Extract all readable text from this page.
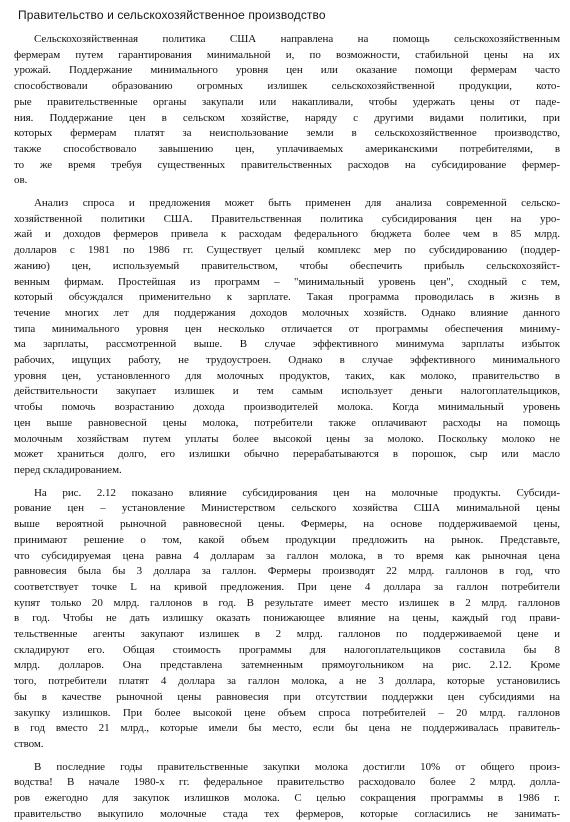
Правительство и сельскохозяйственное производство
Сельскохозяйственная политика США направлена на помощь сельскохозяйственным
фермерам путем гарантирования минимальной и, по возможности, стабильной цены на их
урожай. Поддержание минимального уровня цен или оказание помощи фермерам часто
способствовали образованию огромных излишек сельскохозяйственной продукции, кото-
рые правительственные органы закупали или накапливали, чтобы удержать цены от паде-
ния. Поддержание цен в сельском хозяйстве, наряду с другими видами политики, при
которых фермерам платят за неиспользование земли в сельскохозяйственное производство,
также способствовало завышению цен, уплачиваемых американскими потребителями, в
то же время требуя существенных правительственных расходов на субсидирование фермер-
ов.
Анализ спроса и предложения может быть применен для анализа современной сельско-
хозяйственной политики США. Правительственная политика субсидирования цен на уро-
жай и доходов фермеров привела к расходам федерального бюджета более чем в 85 млрд.
долларов с 1981 по 1986 гг. Существует целый комплекс мер по субсидированию (поддер-
жанию) цен, используемый правительством, чтобы обеспечить прибыль сельскохозяйст-
венным фирмам. Простейшая из программ – "минимальный уровень цен", сходный с тем,
который обсуждался применительно к зарплате. Такая программа проводилась в жизнь в
течение многих лет для поддержания доходов молочных хозяйств. Однако влияние данного
типа минимального уровня цен несколько отличается от программы обеспечения миниму-
ма зарплаты, рассмотренной выше. В случае эффективного минимума зарплаты избыток
рабочих, ищущих работу, не трудоустроен. Однако в случае эффективного минимального
уровня цен, установленного для молочных продуктов, таких, как молоко, правительство в
действительности закупает излишек и тем самым использует деньги налогоплательщиков,
чтобы помочь возрастанию дохода производителей молока. Когда минимальный уровень
цен выше равновесной цены молока, потребители также оплачивают расходы на помощь
молочным хозяйствам путем уплаты более высокой цены за молоко. Поскольку молоко не
может храниться долго, его излишки обычно перерабатываются в порошок, сыр или масло
перед складированием.
На рис. 2.12 показано влияние субсидирования цен на молочные продукты. Субсиди-
рование цен – установление Министерством сельского хозяйства США минимальной цены
выше вероятной рыночной равновесной цены. Фермеры, на основе поддерживаемой цены,
принимают решение о том, какой объем продукции предложить на рынок. Представьте,
что субсидируемая цена равна 4 долларам за галлон молока, в то время как рыночная цена
равновесия была бы 3 доллара за галлон. Фермеры производят 22 млрд. галлонов в год, что
соответствует точке L на кривой предложения. При цене 4 доллара за галлон потребители
купят только 20 млрд. галлонов в год. В результате имеет место излишек в 2 млрд. галлонов
в год. Чтобы не дать излишку оказать понижающее влияние на цены, каждый год прави-
тельственные агенты закупают излишек в 2 млрд. галлонов по поддерживаемой цене и
складируют его. Общая стоимость программы для налогоплательщиков составила бы 8
млрд. долларов. Она представлена затемненным прямоугольником на рис. 2.12. Кроме
того, потребители платят 4 доллара за галлон молока, а не 3 доллара, которые установились
бы в качестве рыночной цены равновесия при отсутствии поддержки цен субсидиями на
закупку излишков. При более высокой цене объем спроса потребителей – 20 млрд. галлонов
в год вместо 21 млрд., которые имели бы место, если бы цена не поддерживалась правитель-
ством.
В последние годы правительственные закупки молока достигли 10% от общего произ-
водства! В начале 1980-х гг. федеральное правительство расходовало более 2 млрд. долла-
ров ежегодно для закупок излишков молока. С целью сокращения программы в 1986 г.
правительство выкупило молочные стада тех фермеров, которые согласились не занимать-
